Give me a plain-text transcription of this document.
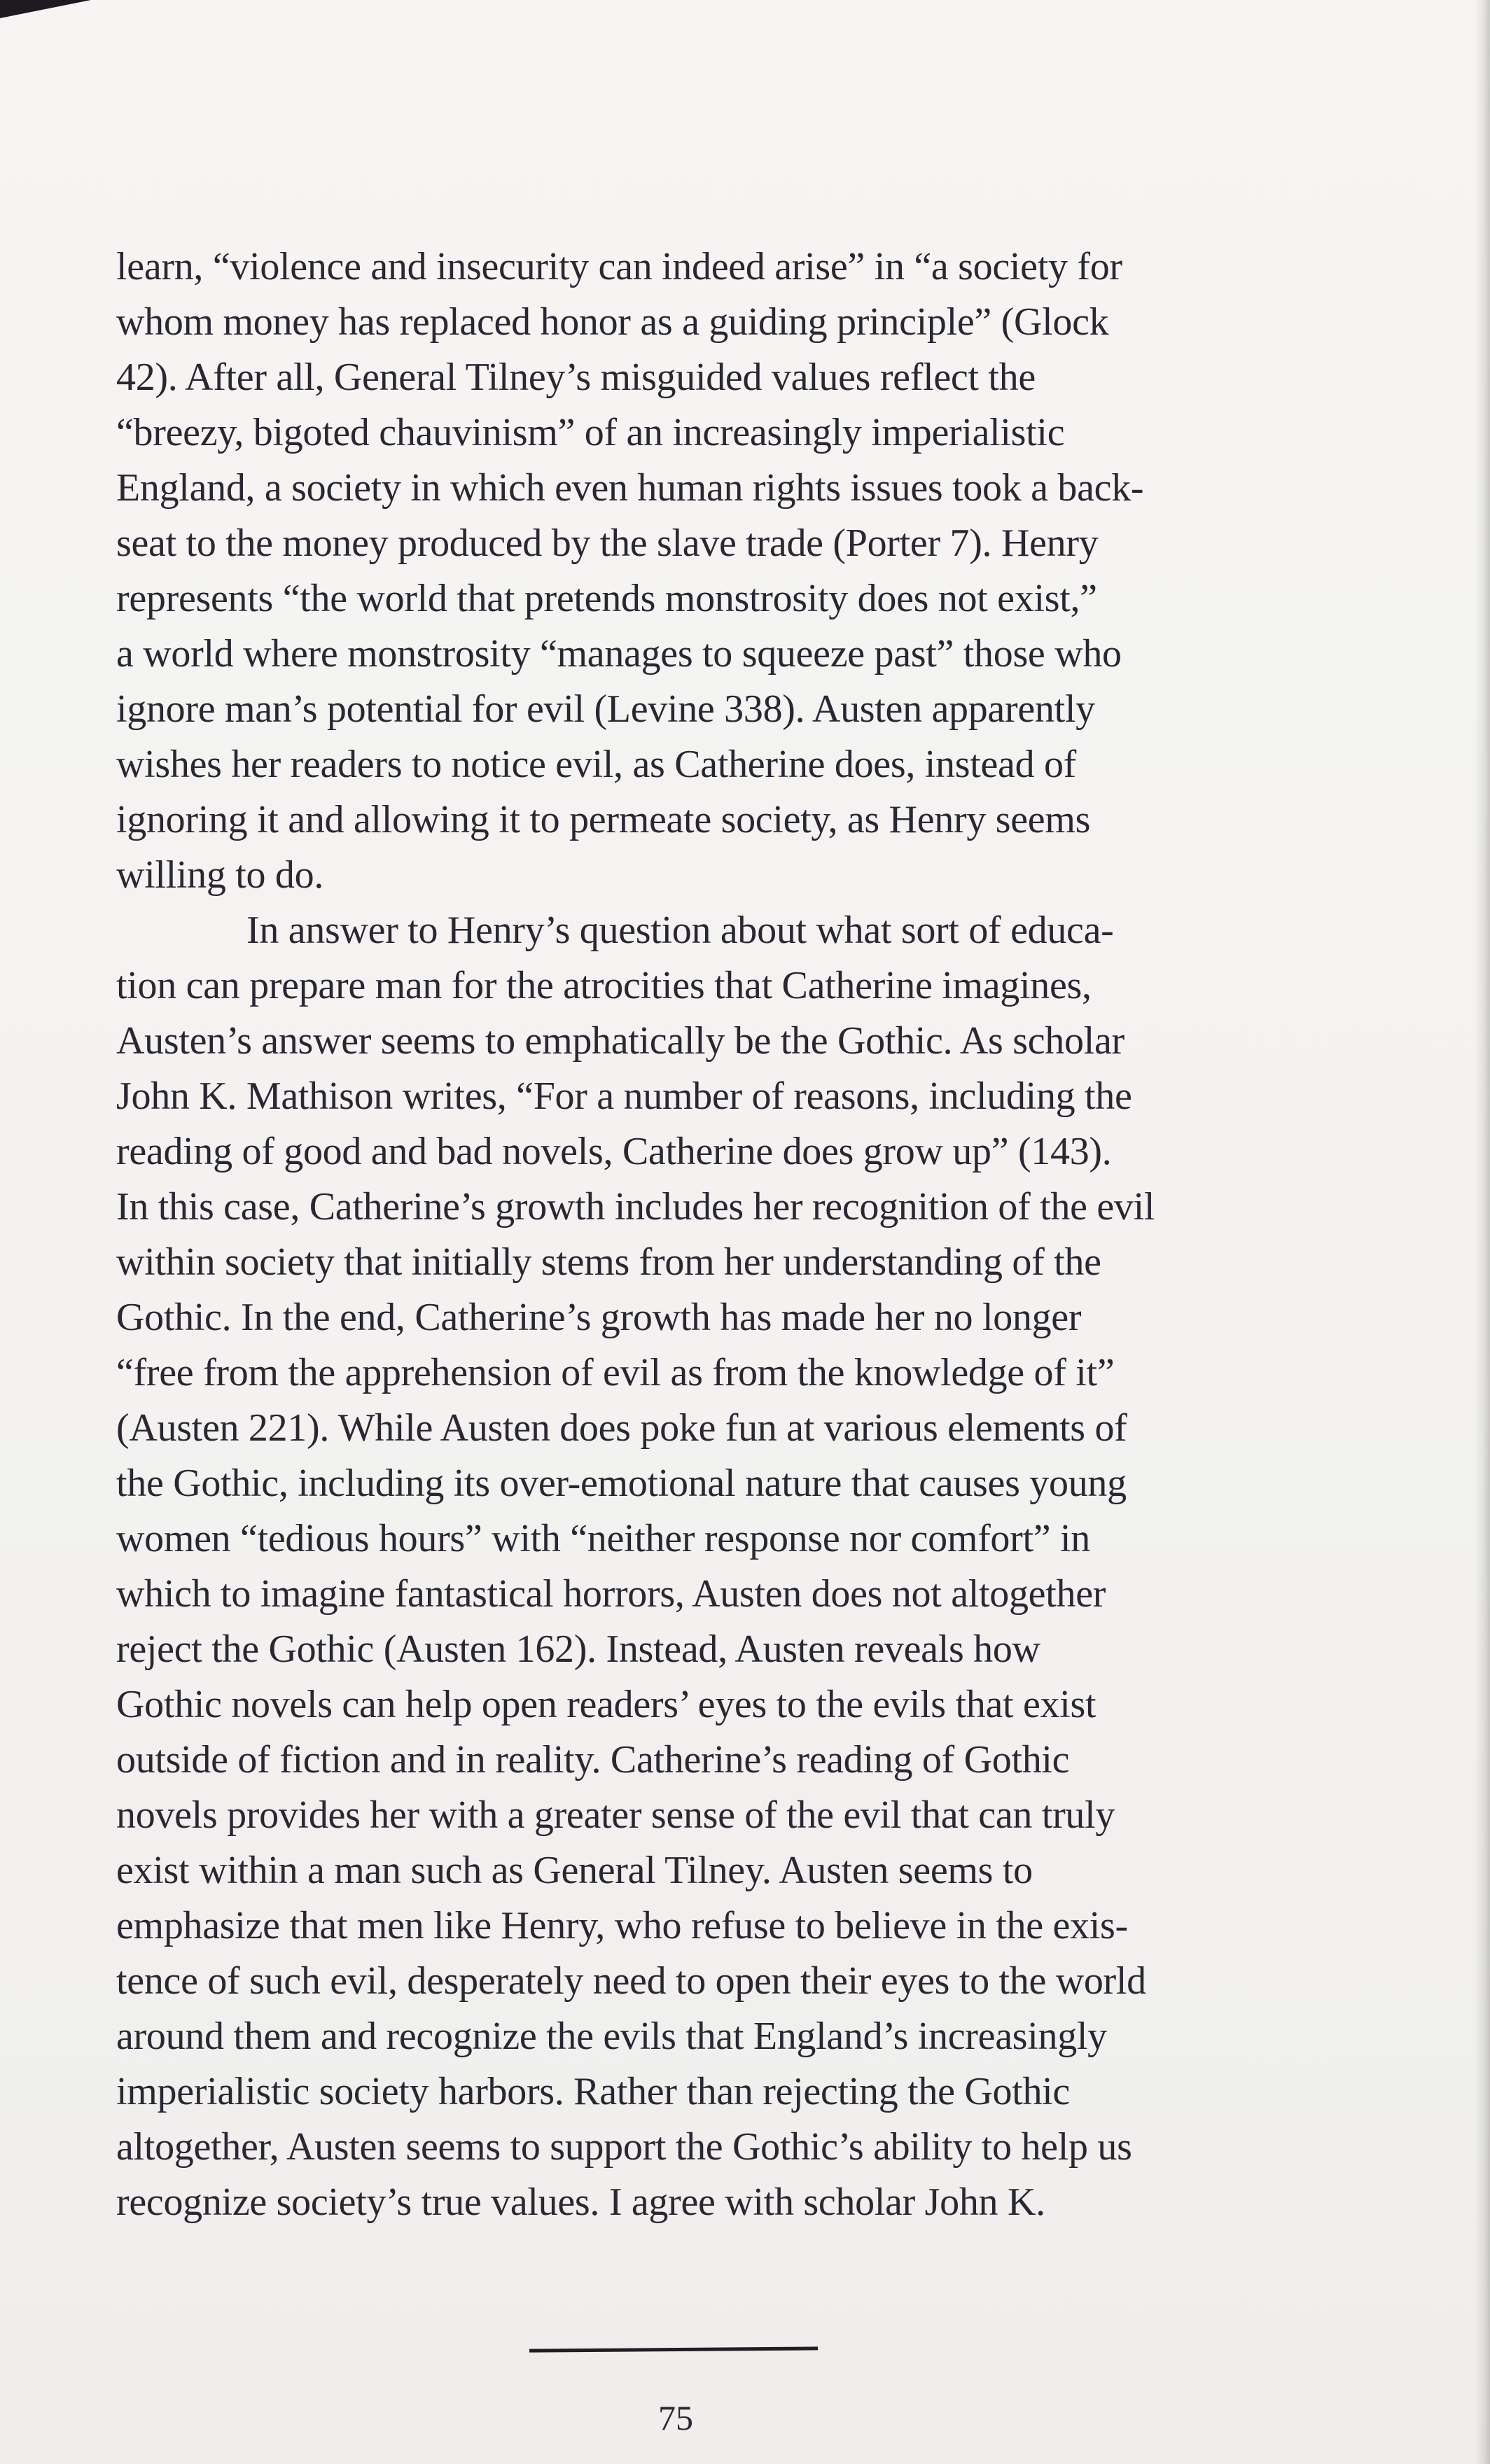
learn, “violence and insecurity can indeed arise” in “a society for
whom money has replaced honor as a guiding principle” (Glock
42). After all, General Tilney’s misguided values reflect the
“breezy, bigoted chauvinism” of an increasingly imperialistic
England, a society in which even human rights issues took a back-
seat to the money produced by the slave trade (Porter 7). Henry
represents “the world that pretends monstrosity does not exist,”
a world where monstrosity “manages to squeeze past” those who
ignore man’s potential for evil (Levine 338). Austen apparently
wishes her readers to notice evil, as Catherine does, instead of
ignoring it and allowing it to permeate society, as Henry seems
willing to do.
In answer to Henry’s question about what sort of educa-
tion can prepare man for the atrocities that Catherine imagines,
Austen’s answer seems to emphatically be the Gothic. As scholar
John K. Mathison writes, “For a number of reasons, including the
reading of good and bad novels, Catherine does grow up” (143).
In this case, Catherine’s growth includes her recognition of the evil
within society that initially stems from her understanding of the
Gothic. In the end, Catherine’s growth has made her no longer
“free from the apprehension of evil as from the knowledge of it”
(Austen 221). While Austen does poke fun at various elements of
the Gothic, including its over-emotional nature that causes young
women “tedious hours” with “neither response nor comfort” in
which to imagine fantastical horrors, Austen does not altogether
reject the Gothic (Austen 162). Instead, Austen reveals how
Gothic novels can help open readers’ eyes to the evils that exist
outside of fiction and in reality. Catherine’s reading of Gothic
novels provides her with a greater sense of the evil that can truly
exist within a man such as General Tilney. Austen seems to
emphasize that men like Henry, who refuse to believe in the exis-
tence of such evil, desperately need to open their eyes to the world
around them and recognize the evils that England’s increasingly
imperialistic society harbors. Rather than rejecting the Gothic
altogether, Austen seems to support the Gothic’s ability to help us
recognize society’s true values. I agree with scholar John K.
75
